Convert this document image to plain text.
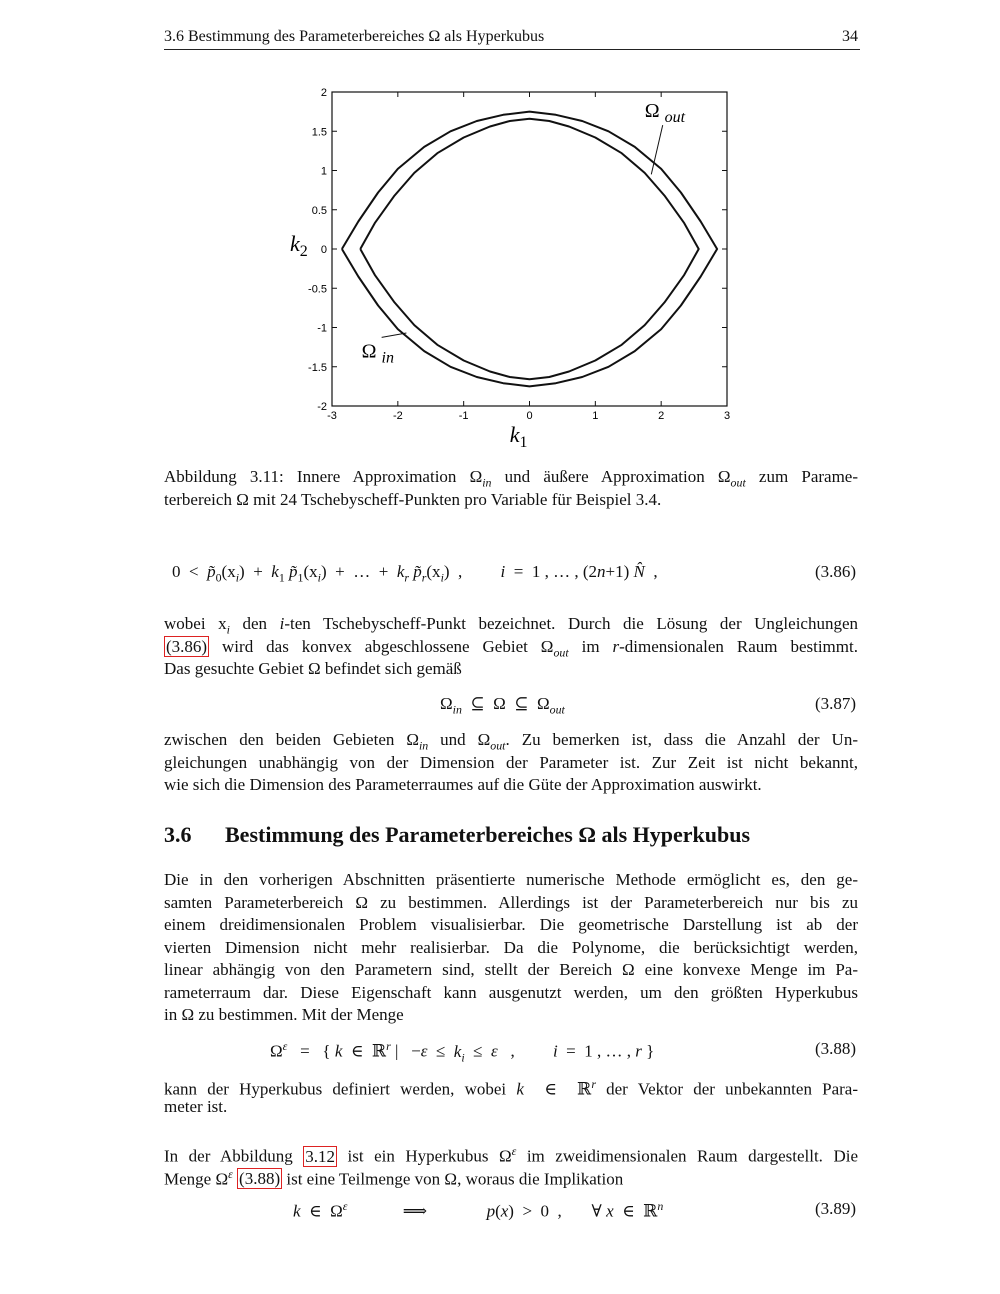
3.6 Bestimmung des Parameterbereiches Ω als Hyperkubus	34
-3	-2	-1	0	1	2	3
2
1.5
1
0.5
0
-0.5
-1
-1.5
-2
Ω $_{out}$
Ω $_{in}$
$k_1$
$k_2$
Abbildung 3.11: Innere Approximation $\Omega_{in}$ und äußere Approximation $\Omega_{out}$ zum Parame-
terbereich Ω mit 24 Tschebyscheff-Punkten pro Variable für Beispiel 3.4.
$0 < p̃_0(x_i) + k_1$ $p̃_1(x_i)$  +  …  +  $k_r$ $p̃_r(x_i)$  ,         i  =  1 , … , (2n+1) N̂  ,	(3.86)
wobei $x_i$ den i-ten Tschebyscheff-Punkt bezeichnet. Durch die Lösung der Ungleichungen
(3.86) wird das konvex abgeschlossene Gebiet $\Omega_{out}$ im r-dimensionalen Raum bestimmt.
Das gesuchte Gebiet Ω befindet sich gemäß
$\Omega_{in}$  ⊆  Ω  ⊆  $\Omega_{out}$	(3.87)
zwischen den beiden Gebieten $\Omega_{in}$ und $\Omega_{out}$. Zu bemerken ist, dass die Anzahl der Un-
gleichungen unabhängig von der Dimension der Parameter ist. Zur Zeit ist nicht bekannt,
wie sich die Dimension des Parameterraumes auf die Güte der Approximation auswirkt.
3.6 Bestimmung des Parameterbereiches Ω als Hyperkubus
Die in den vorherigen Abschnitten präsentierte numerische Methode ermöglicht es, den ge-
samten Parameterbereich Ω zu bestimmen. Allerdings ist der Parameterbereich nur bis zu
einem dreidimensionalen Problem visualisierbar. Die geometrische Darstellung ist ab der
vierten Dimension nicht mehr realisierbar. Da die Polynome, die berücksichtigt werden,
linear abhängig von den Parametern sind, stellt der Bereich Ω eine konvexe Menge im Pa-
rameterraum dar. Diese Eigenschaft kann ausgenutzt werden, um den größten Hyperkubus
in Ω zu bestimmen. Mit der Menge
$\Omega^\varepsilon$   =   { k  ∈  ℝ$^r$ |   $-\varepsilon \le k_i \le \varepsilon$   ,         i  =  1 , … , r }	(3.88)
kann der Hyperkubus definiert werden, wobei k  ∈  ℝ$^r$ der Vektor der unbekannten Para-
meter ist.
In der Abbildung 3.12 ist ein Hyperkubus $\Omega^\varepsilon$ im zweidimensionalen Raum dargestellt. Die
Menge $\Omega^\varepsilon$ (3.88) ist eine Teilmenge von Ω, woraus die Implikation
k  ∈  $\Omega^\varepsilon$             ⟹              p(x)  >  0  ,       ∀ x  ∈  ℝ$^n$	(3.89)
